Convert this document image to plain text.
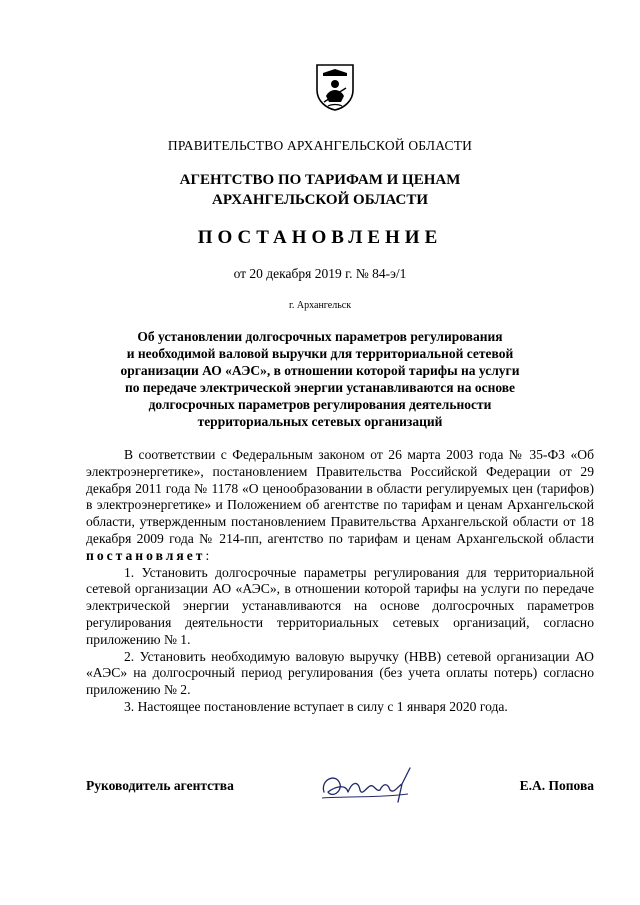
ПРАВИТЕЛЬСТВО АРХАНГЕЛЬСКОЙ ОБЛАСТИ
АГЕНТСТВО ПО ТАРИФАМ И ЦЕНАМ
АРХАНГЕЛЬСКОЙ ОБЛАСТИ
ПОСТАНОВЛЕНИЕ
от 20 декабря 2019 г. № 84-э/1
г. Архангельск
Об установлении долгосрочных параметров регулирования
и необходимой валовой выручки для территориальной сетевой
организации АО «АЭС», в отношении которой тарифы на услуги
по передаче электрической энергии устанавливаются на основе
долгосрочных параметров регулирования деятельности
территориальных сетевых организаций

В соответствии с Федеральным законом от 26 марта 2003 года № 35-ФЗ «Об электроэнергетике», постановлением Правительства Российской Федерации от 29 декабря 2011 года № 1178 «О ценообразовании в области регулируемых цен (тарифов) в электроэнергетике» и Положением об агентстве по тарифам и ценам Архангельской области, утвержденным постановлением Правительства Архангельской области от 18 декабря 2009 года № 214-пп, агентство по тарифам и ценам Архангельской области постановляет:

1. Установить долгосрочные параметры регулирования для территориальной сетевой организации АО «АЭС», в отношении которой тарифы на услуги по передаче электрической энергии устанавливаются на основе долгосрочных параметров регулирования деятельности территориальных сетевых организаций, согласно приложению № 1.

2. Установить необходимую валовую выручку (НВВ) сетевой организации АО «АЭС» на долгосрочный период регулирования (без учета оплаты потерь) согласно приложению № 2.

3. Настоящее постановление вступает в силу с 1 января 2020 года.

Руководитель агентства	Е.А. Попова
